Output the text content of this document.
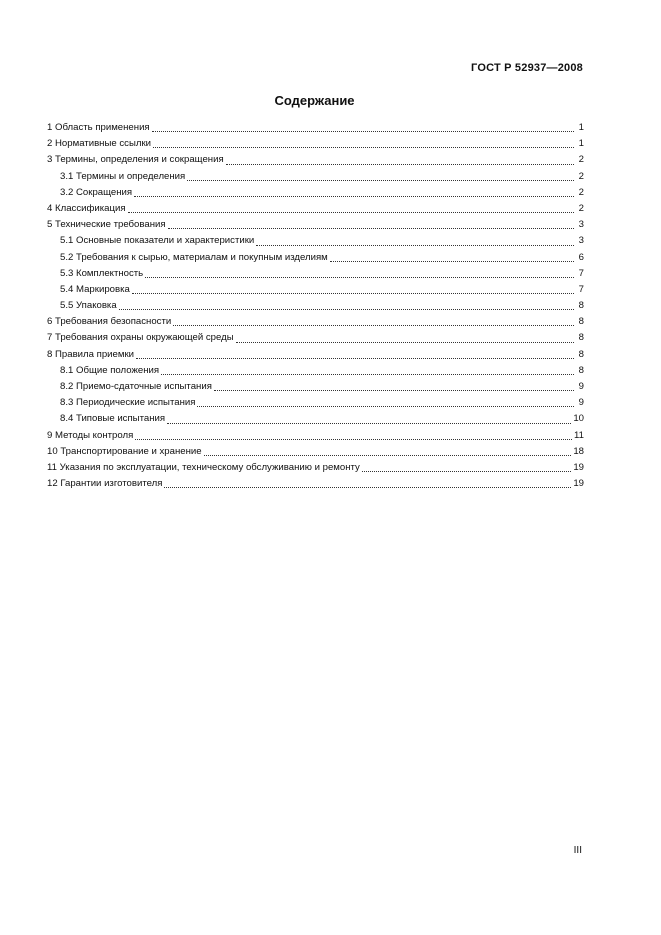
ГОСТ Р 52937—2008
Содержание
1 Область применения	1
2 Нормативные ссылки	1
3 Термины, определения и сокращения	2
3.1 Термины и определения	2
3.2 Сокращения	2
4 Классификация	2
5 Технические требования	3
5.1 Основные показатели и характеристики	3
5.2 Требования к сырью, материалам и покупным изделиям	6
5.3 Комплектность	7
5.4 Маркировка	7
5.5 Упаковка	8
6 Требования безопасности	8
7 Требования охраны окружающей среды	8
8 Правила приемки	8
8.1 Общие положения	8
8.2 Приемо-сдаточные испытания	9
8.3 Периодические испытания	9
8.4 Типовые испытания	10
9 Методы контроля	11
10 Транспортирование и хранение	18
11 Указания по эксплуатации, техническому обслуживанию и ремонту	19
12 Гарантии изготовителя	19
III
